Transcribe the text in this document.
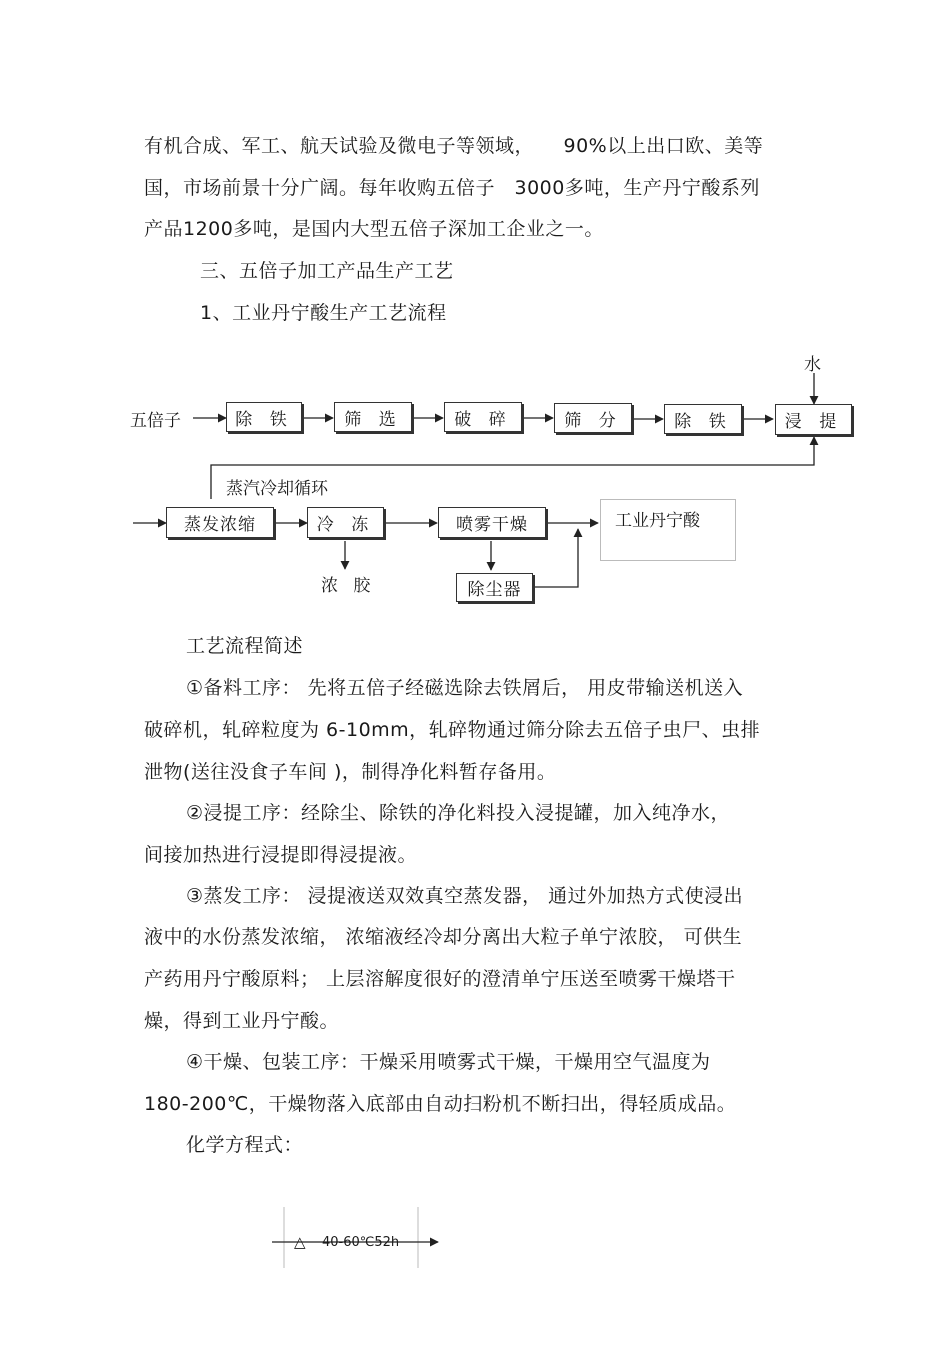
有机合成、军工、航天试验及微电子等领域，　　90%以上出口欧、美等
国，市场前景十分广阔。每年收购五倍子　3000多吨，生产丹宁酸系列
产品1200多吨，是国内大型五倍子深加工企业之一。
三、五倍子加工产品生产工艺
1、工业丹宁酸生产工艺流程
水
五倍子	除 铁	筛 选	破 碎	筛 分	除 铁	浸 提
蒸汽冷却循环
蒸发浓缩	冷 冻	喷雾干燥	工业丹宁酸
浓 胶	除尘器
工艺流程简述
①备料工序： 先将五倍子经磁选除去铁屑后， 用皮带输送机送入
破碎机，轧碎粒度为 6-10mm，轧碎物通过筛分除去五倍子虫尸、虫排
泄物(送往没食子车间 )，制得净化料暂存备用。
②浸提工序：经除尘、除铁的净化料投入浸提罐，加入纯净水，
间接加热进行浸提即得浸提液。
③蒸发工序： 浸提液送双效真空蒸发器， 通过外加热方式使浸出
液中的水份蒸发浓缩， 浓缩液经冷却分离出大粒子单宁浓胶， 可供生
产药用丹宁酸原料； 上层溶解度很好的澄清单宁压送至喷雾干燥塔干
燥，得到工业丹宁酸。
④干燥、包装工序：干燥采用喷雾式干燥，干燥用空气温度为
180-200℃，干燥物落入底部由自动扫粉机不断扫出，得轻质成品。
化学方程式：
△ 40-60℃52h
